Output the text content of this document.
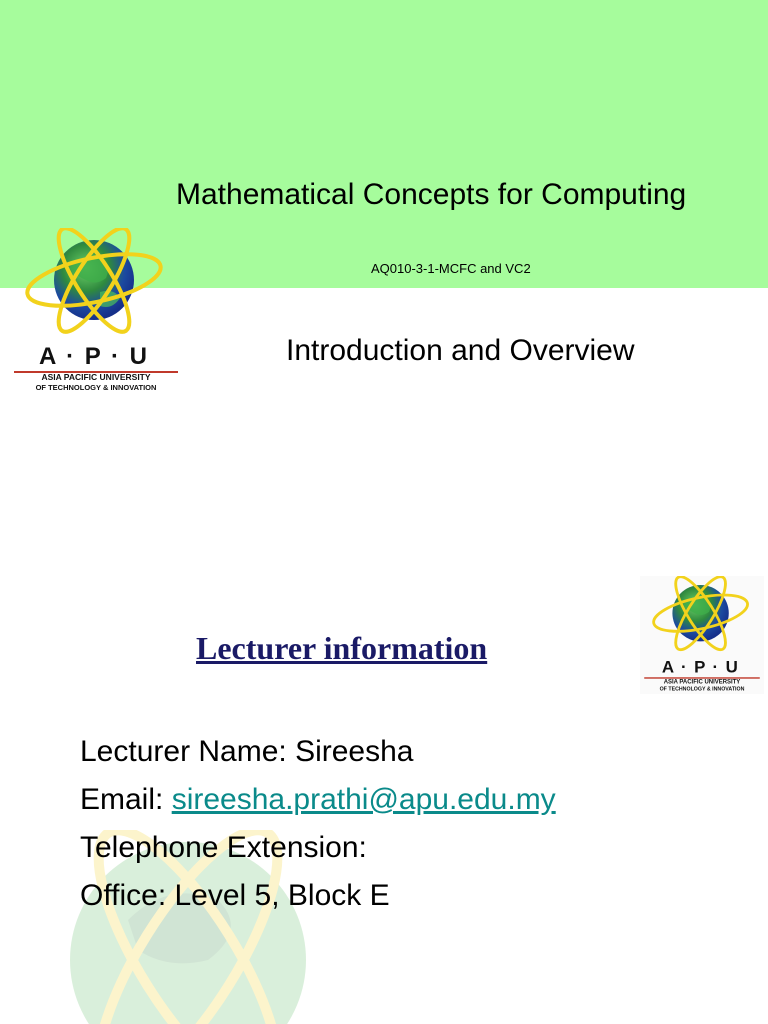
Mathematical Concepts for Computing
AQ010-3-1-MCFC and VC2
A · P · U
ASIA PACIFIC UNIVERSITY
OF TECHNOLOGY & INNOVATION
Introduction and Overview
Lecturer information
A · P · U
ASIA PACIFIC UNIVERSITY
OF TECHNOLOGY & INNOVATION
Lecturer Name: Sireesha
Email: sireesha.prathi@apu.edu.my
Telephone Extension:
Office: Level 5, Block E
